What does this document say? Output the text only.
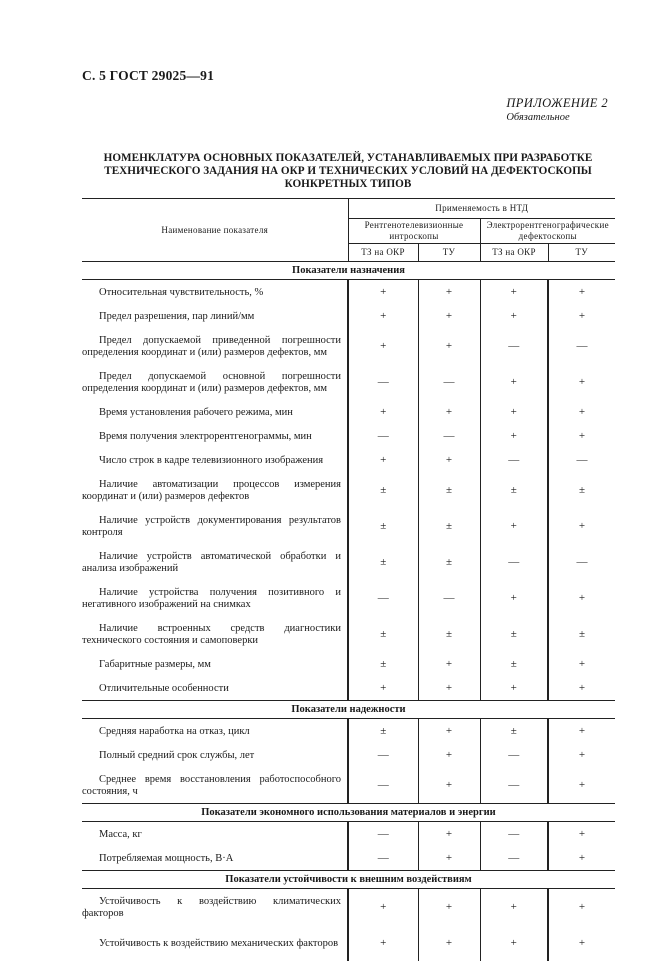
С. 5 ГОСТ 29025—91
ПРИЛОЖЕНИЕ 2
Обязательное
НОМЕНКЛАТУРА ОСНОВНЫХ ПОКАЗАТЕЛЕЙ, УСТАНАВЛИВАЕМЫХ ПРИ РАЗРАБОТКЕ
ТЕХНИЧЕСКОГО ЗАДАНИЯ НА ОКР И ТЕХНИЧЕСКИХ УСЛОВИЙ НА ДЕФЕКТОСКОПЫ
КОНКРЕТНЫХ ТИПОВ
Наименование показателя	Применяемость в НТД			
	Рентгенотелевизионные интроскопы		Электрорентгенографические дефектоскопы	
	ТЗ на ОКР	ТУ	ТЗ на ОКР	ТУ
Показатели назначения				
Относительная чувствительность, %	+	+	+	+
Предел разрешения, пар линий/мм	+	+	+	+
Предел допускаемой приведенной погрешности определения координат и (или) размеров дефектов, мм	+	+	—	—
Предел допускаемой основной погрешности определения координат и (или) размеров дефектов, мм	—	—	+	+
Время установления рабочего режима, мин	+	+	+	+
Время получения электрорентгенограммы, мин	—	—	+	+
Число строк в кадре телевизионного изображения	+	+	—	—
Наличие автоматизации процессов измерения координат и (или) размеров дефектов	±	±	±	±
Наличие устройств документирования результатов контроля	±	±	+	+
Наличие устройств автоматической обработки и анализа изображений	±	±	—	—
Наличие устройства получения позитивного и негативного изображений на снимках	—	—	+	+
Наличие встроенных средств диагностики технического состояния и самоповерки	±	±	±	±
Габаритные размеры, мм	±	+	±	+
Отличительные особенности	+	+	+	+
Показатели надежности				
Средняя наработка на отказ, цикл	±	+	±	+
Полный средний срок службы, лет	—	+	—	+
Среднее время восстановления работоспособного состояния, ч	—	+	—	+
Показатели экономного использования материалов и энергии				
Масса, кг	—	+	—	+
Потребляемая мощность, В·А	—	+	—	+
Показатели устойчивости к внешним воздействиям				
Устойчивость к воздействию климатических факторов	+	+	+	+
Устойчивость к воздействию механических факторов	+	+	+	+
